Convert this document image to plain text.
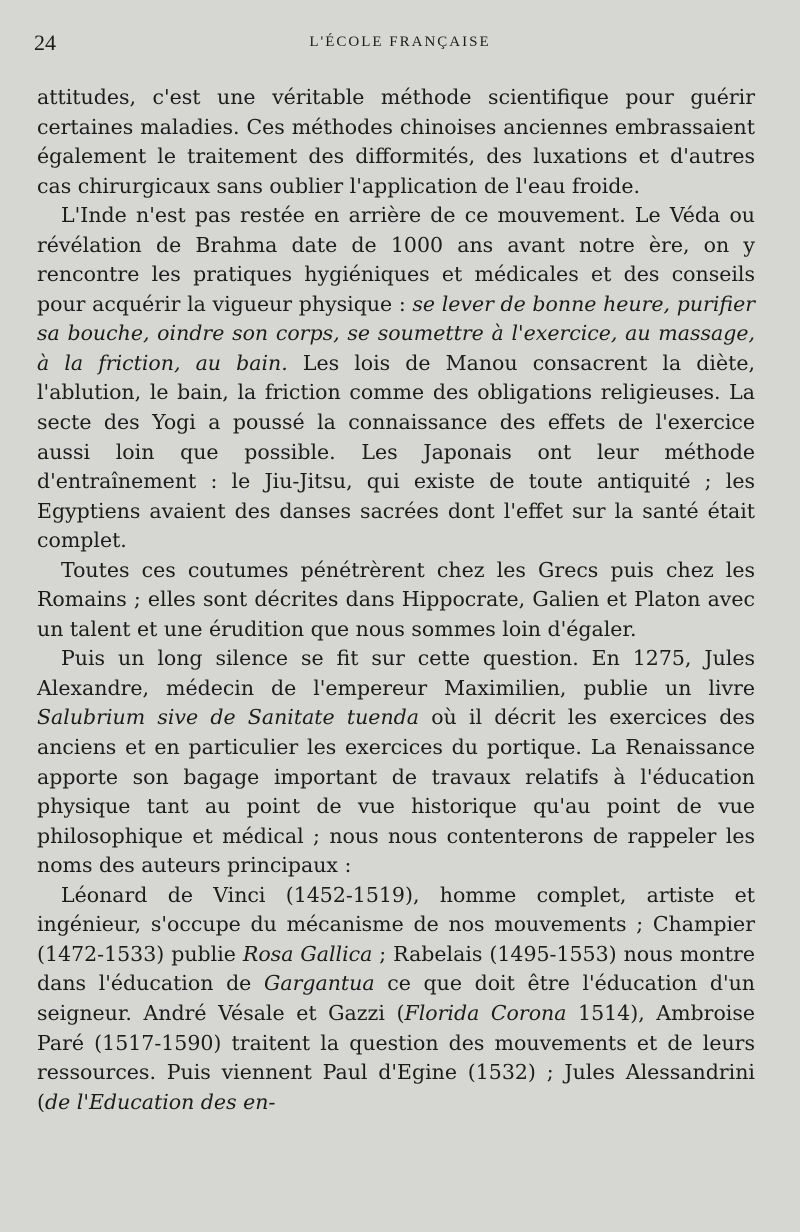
24	L'ÉCOLE FRANÇAISE

attitudes, c'est une véritable méthode scientifique pour guérir certaines maladies. Ces méthodes chinoises anciennes embrassaient également le traitement des difformités, des luxations et d'autres cas chirurgicaux sans oublier l'application de l'eau froide.

L'Inde n'est pas restée en arrière de ce mouvement. Le Véda ou révélation de Brahma date de 1000 ans avant notre ère, on y rencontre les pratiques hygiéniques et médicales et des conseils pour acquérir la vigueur physique : se lever de bonne heure, purifier sa bouche, oindre son corps, se soumettre à l'exercice, au massage, à la friction, au bain. Les lois de Manou consacrent la diète, l'ablution, le bain, la friction comme des obligations religieuses. La secte des Yogi a poussé la connaissance des effets de l'exercice aussi loin que possible. Les Japonais ont leur méthode d'entraînement : le Jiu-Jitsu, qui existe de toute antiquité ; les Egyptiens avaient des danses sacrées dont l'effet sur la santé était complet.

Toutes ces coutumes pénétrèrent chez les Grecs puis chez les Romains ; elles sont décrites dans Hippocrate, Galien et Platon avec un talent et une érudition que nous sommes loin d'égaler.

Puis un long silence se fit sur cette question. En 1275, Jules Alexandre, médecin de l'empereur Maximilien, publie un livre Salubrium sive de Sanitate tuenda où il décrit les exercices des anciens et en particulier les exercices du portique. La Renaissance apporte son bagage important de travaux relatifs à l'éducation physique tant au point de vue historique qu'au point de vue philosophique et médical ; nous nous contenterons de rappeler les noms des auteurs principaux :

Léonard de Vinci (1452-1519), homme complet, artiste et ingénieur, s'occupe du mécanisme de nos mouvements ; Champier (1472-1533) publie Rosa Gallica ; Rabelais (1495-1553) nous montre dans l'éducation de Gargantua ce que doit être l'éducation d'un seigneur. André Vésale et Gazzi (Florida Corona 1514), Ambroise Paré (1517-1590) traitent la question des mouvements et de leurs ressources. Puis viennent Paul d'Egine (1532) ; Jules Alessandrini (de l'Education des en-
